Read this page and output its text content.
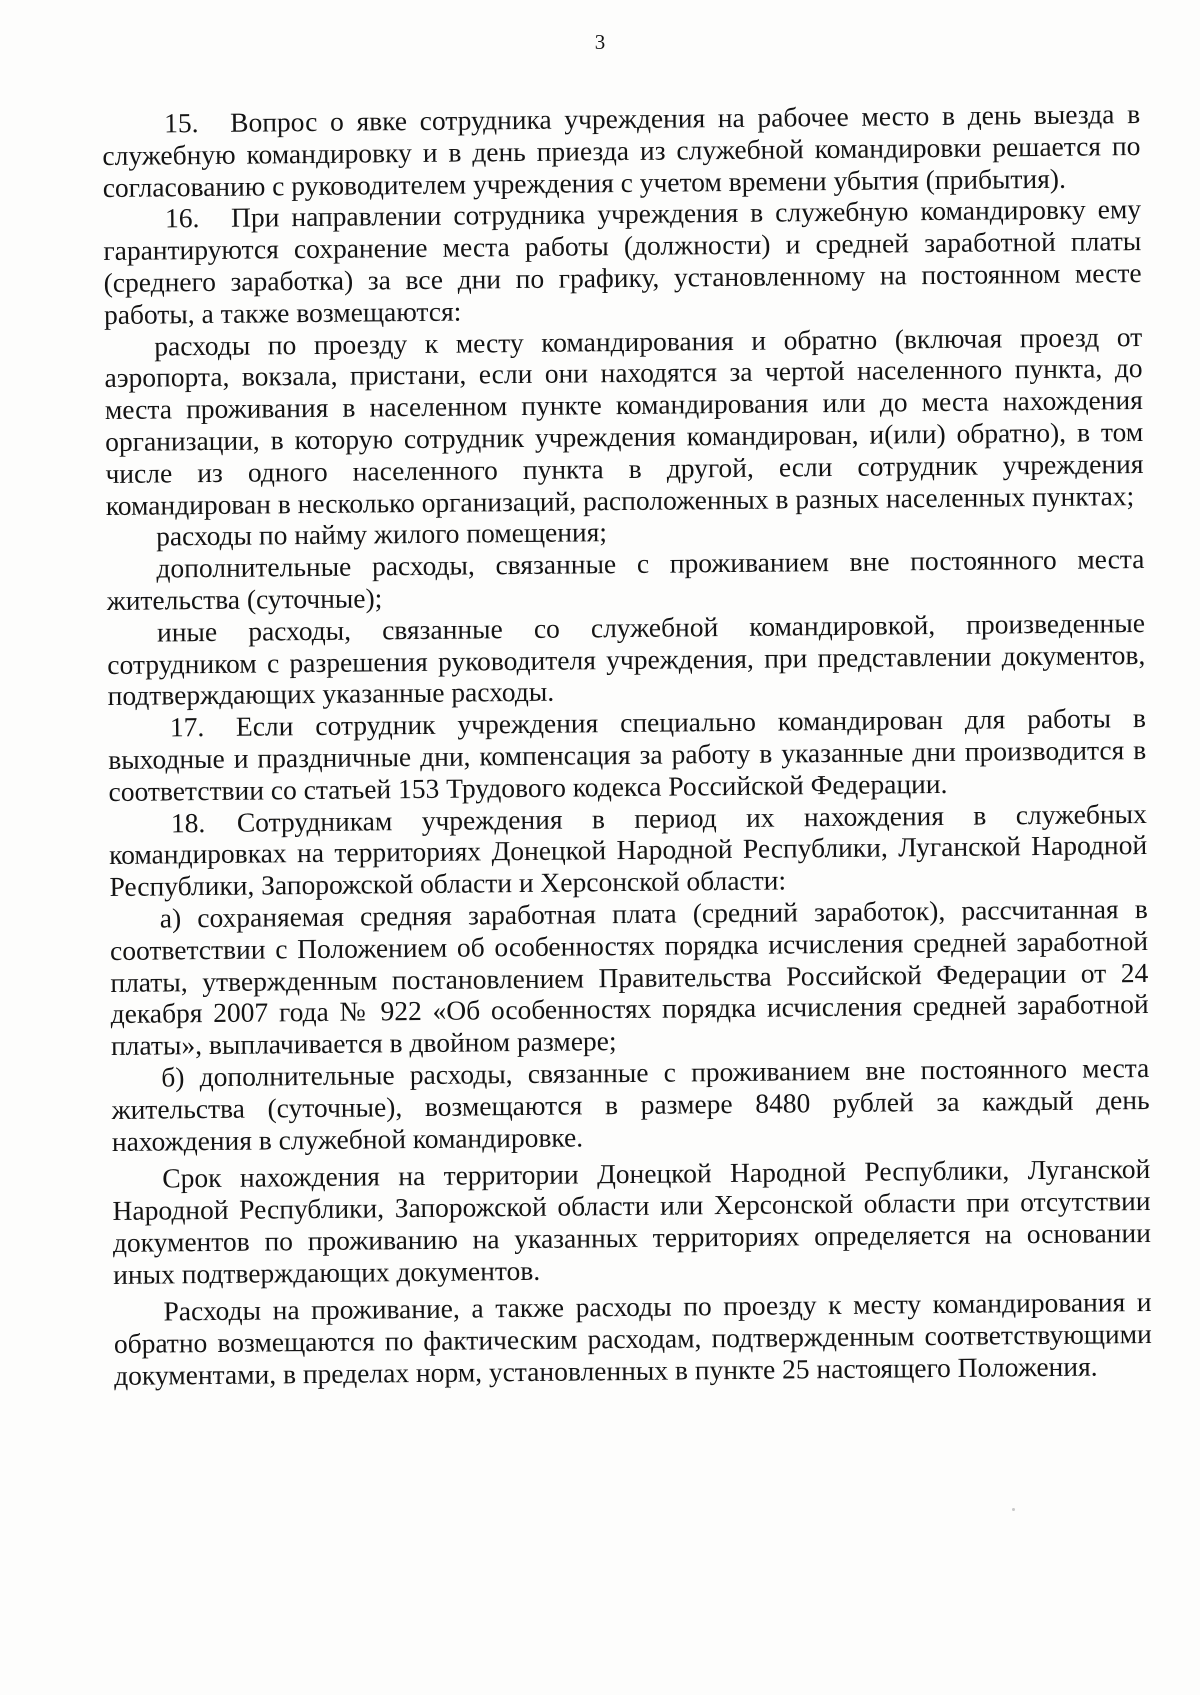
3

15. Вопрос о явке сотрудника учреждения на рабочее место в день выезда в служебную командировку и в день приезда из служебной командировки решается по согласованию с руководителем учреждения с учетом времени убытия (прибытия).

16. При направлении сотрудника учреждения в служебную командировку ему гарантируются сохранение места работы (должности) и средней заработной платы (среднего заработка) за все дни по графику, установленному на постоянном месте работы, а также возмещаются:

расходы по проезду к месту командирования и обратно (включая проезд от аэропорта, вокзала, пристани, если они находятся за чертой населенного пункта, до места проживания в населенном пункте командирования или до места нахождения организации, в которую сотрудник учреждения командирован, и(или) обратно), в том числе из одного населенного пункта в другой, если сотрудник учреждения командирован в несколько организаций, расположенных в разных населенных пунктах;

расходы по найму жилого помещения;

дополнительные расходы, связанные с проживанием вне постоянного места жительства (суточные);

иные расходы, связанные со служебной командировкой, произведенные сотрудником с разрешения руководителя учреждения, при представлении документов, подтверждающих указанные расходы.

17. Если сотрудник учреждения специально командирован для работы в выходные и праздничные дни, компенсация за работу в указанные дни производится в соответствии со статьей 153 Трудового кодекса Российской Федерации.

18. Сотрудникам учреждения в период их нахождения в служебных командировках на территориях Донецкой Народной Республики, Луганской Народной Республики, Запорожской области и Херсонской области:

а) сохраняемая средняя заработная плата (средний заработок), рассчитанная в соответствии с Положением об особенностях порядка исчисления средней заработной платы, утвержденным постановлением Правительства Российской Федерации от 24 декабря 2007 года № 922 «Об особенностях порядка исчисления средней заработной платы», выплачивается в двойном размере;

б) дополнительные расходы, связанные с проживанием вне постоянного места жительства (суточные), возмещаются в размере 8480 рублей за каждый день нахождения в служебной командировке.

Срок нахождения на территории Донецкой Народной Республики, Луганской Народной Республики, Запорожской области или Херсонской области при отсутствии документов по проживанию на указанных территориях определяется на основании иных подтверждающих документов.

Расходы на проживание, а также расходы по проезду к месту командирования и обратно возмещаются по фактическим расходам, подтвержденным соответствующими документами, в пределах норм, установленных в пункте 25 настоящего Положения.
